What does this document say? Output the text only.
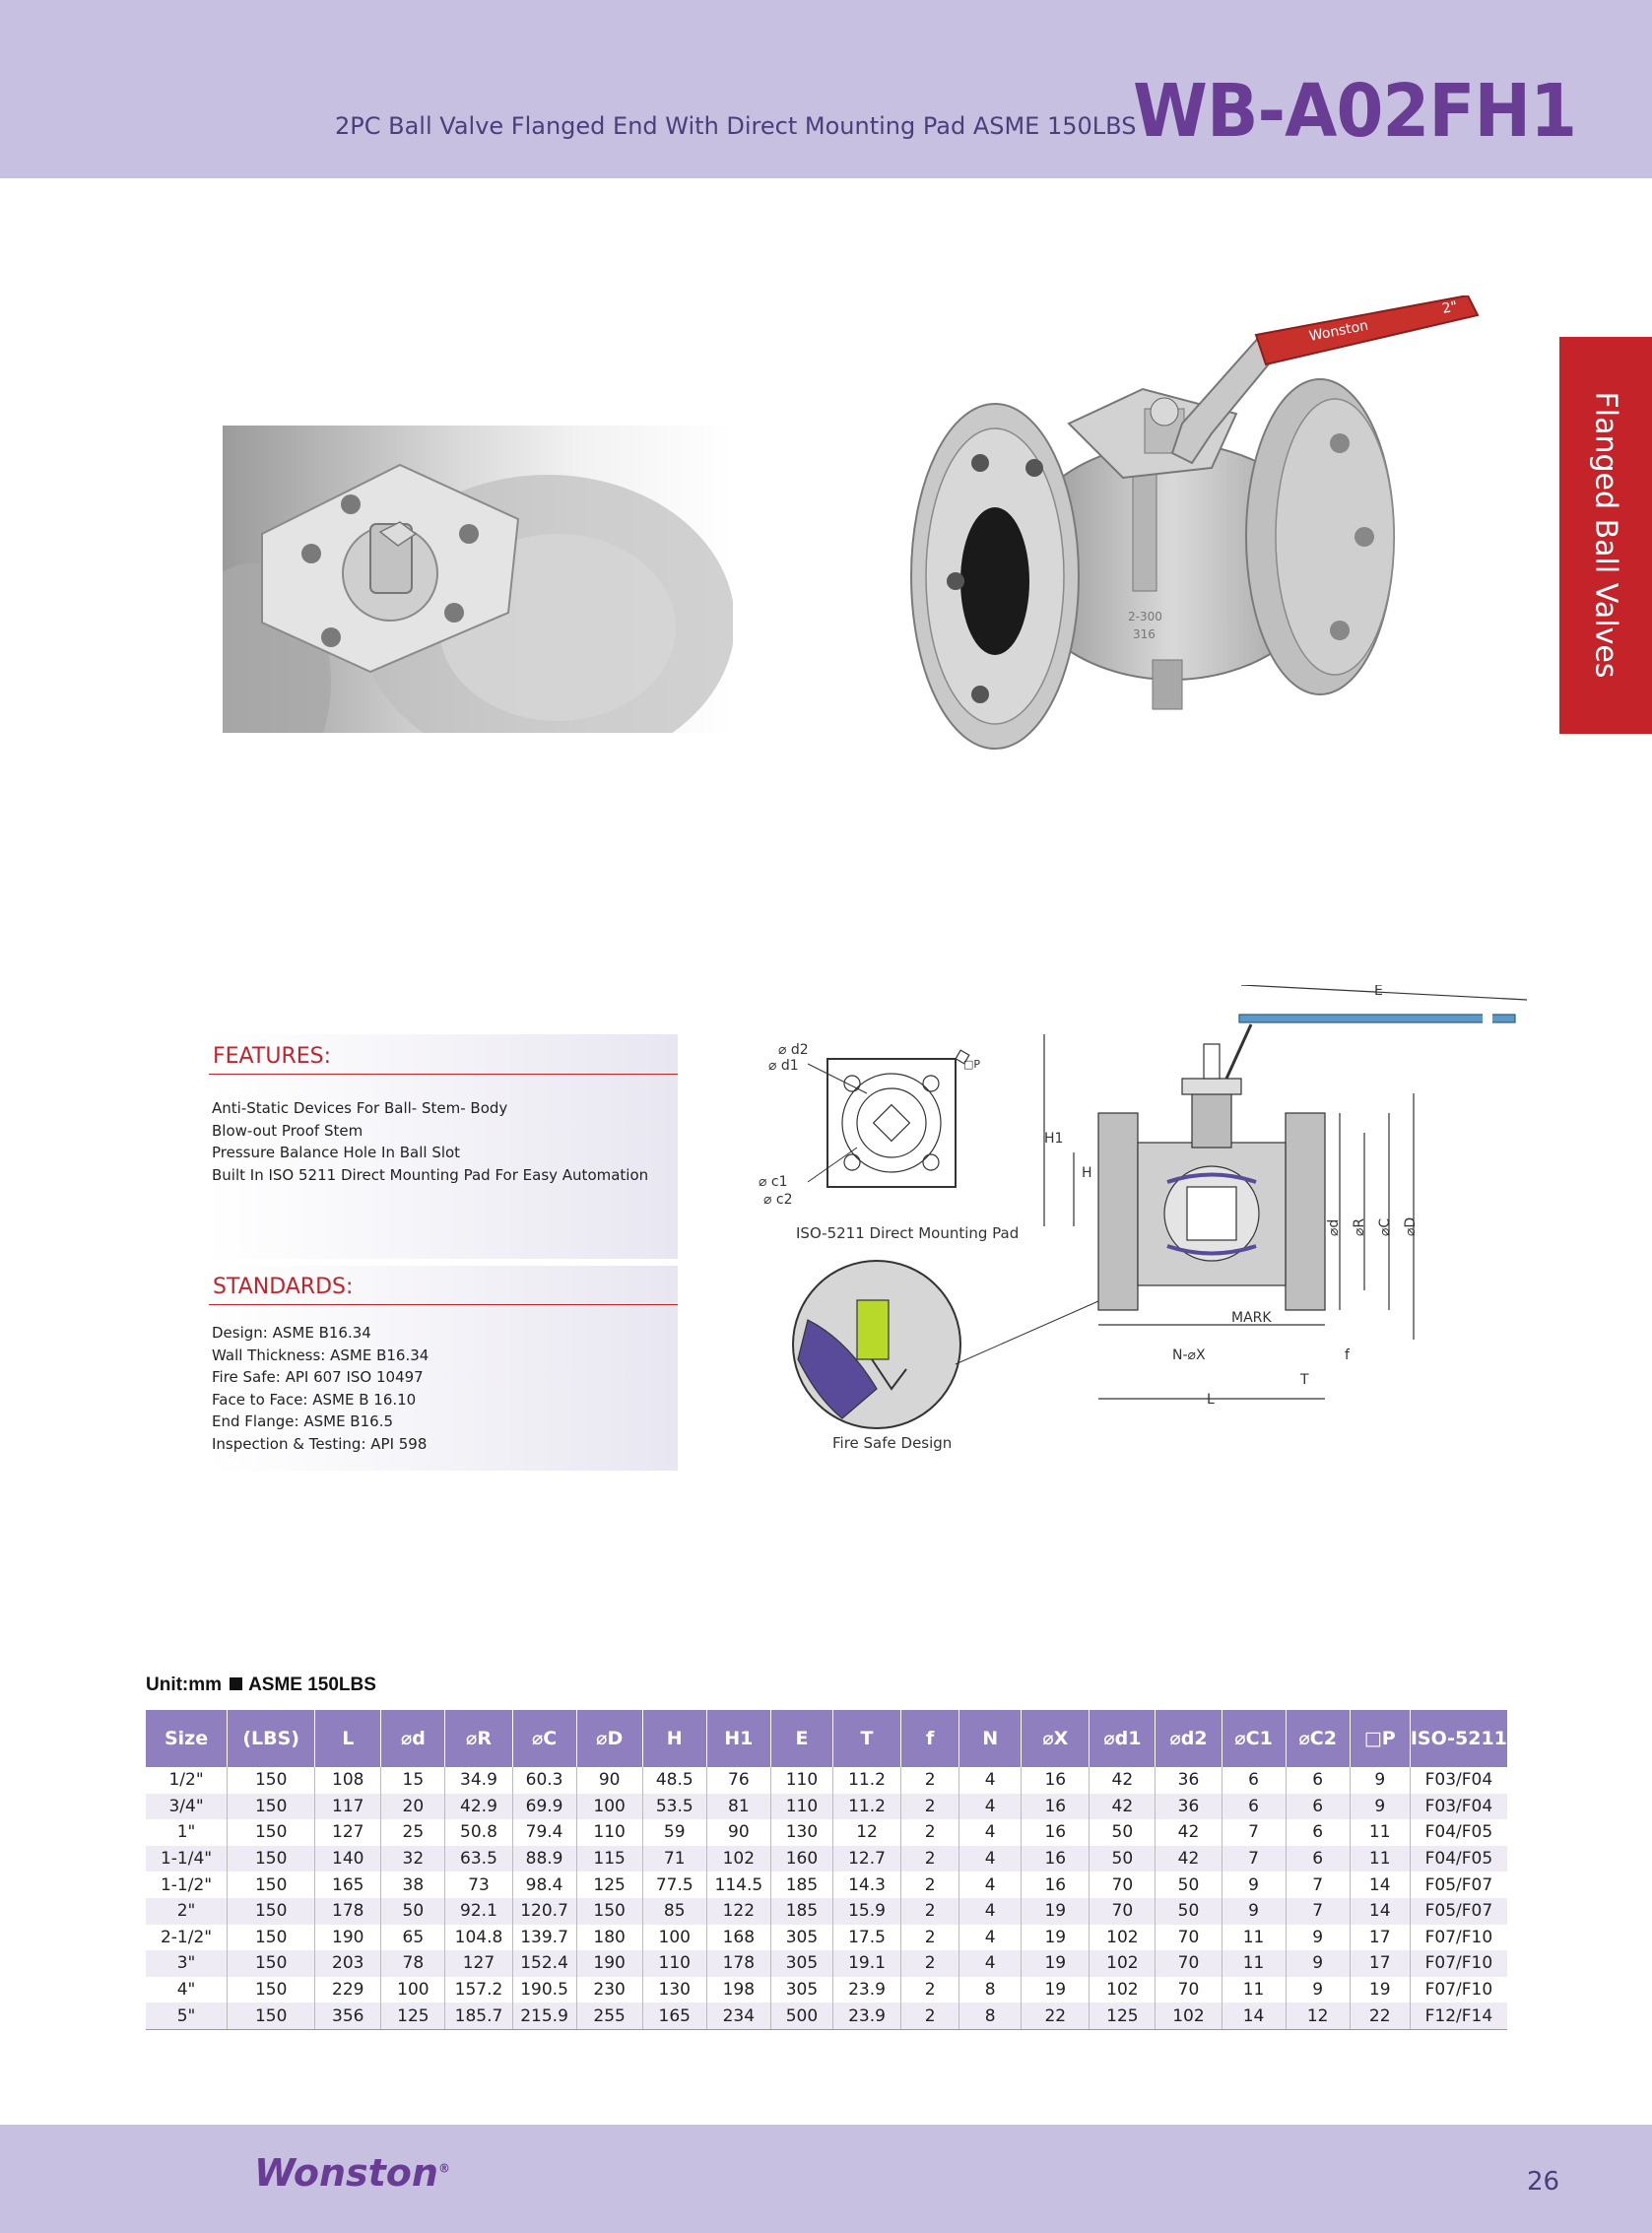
2PC Ball Valve Flanged End With Direct Mounting Pad ASME 150LBS
WB-A02FH1
Flanged Ball Valves
Wonston
2"
2-300
316
FEATURES:
Anti-Static Devices For Ball- Stem- Body
Blow-out Proof Stem
Pressure Balance Hole In Ball Slot
Built In ISO 5211 Direct Mounting Pad For Easy Automation
STANDARDS:
Design: ASME B16.34
Wall Thickness: ASME B16.34
Fire Safe: API 607 ISO 10497
Face to Face: ASME B 16.10
End Flange: ASME B16.5
Inspection & Testing: API 598
⌀ d2
⌀ d1	□P
⌀ c1
⌀ c2
ISO-5211 Direct Mounting Pad
Fire Safe Design
E
H1
H
⌀d ⌀R ⌀C ⌀D
MARK
N-⌀X	f
T
L
Unit:mm ASME 150LBS
Size	(LBS)	L	⌀d	⌀R	⌀C	⌀D	H	H1	E	T	f	N	⌀X	⌀d1	⌀d2	⌀C1	⌀C2	□P	ISO-5211
1/2"	150	108	15	34.9	60.3	90	48.5	76	110	11.2	2	4	16	42	36	6	6	9	F03/F04
3/4"	150	117	20	42.9	69.9	100	53.5	81	110	11.2	2	4	16	42	36	6	6	9	F03/F04
1"	150	127	25	50.8	79.4	110	59	90	130	12	2	4	16	50	42	7	6	11	F04/F05
1-1/4"	150	140	32	63.5	88.9	115	71	102	160	12.7	2	4	16	50	42	7	6	11	F04/F05
1-1/2"	150	165	38	73	98.4	125	77.5	114.5	185	14.3	2	4	16	70	50	9	7	14	F05/F07
2"	150	178	50	92.1	120.7	150	85	122	185	15.9	2	4	19	70	50	9	7	14	F05/F07
2-1/2"	150	190	65	104.8	139.7	180	100	168	305	17.5	2	4	19	102	70	11	9	17	F07/F10
3"	150	203	78	127	152.4	190	110	178	305	19.1	2	4	19	102	70	11	9	17	F07/F10
4"	150	229	100	157.2	190.5	230	130	198	305	23.9	2	8	19	102	70	11	9	19	F07/F10
5"	150	356	125	185.7	215.9	255	165	234	500	23.9	2	8	22	125	102	14	12	22	F12/F14
Wonston®	26
